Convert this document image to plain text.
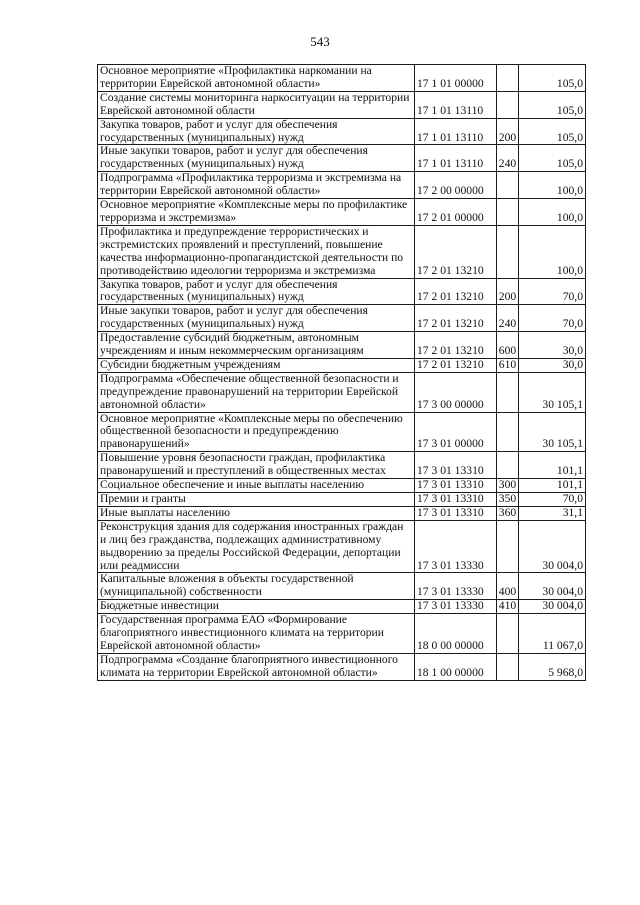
543
Основное мероприятие «Профилактика наркомании на территории Еврейской автономной области»	17 1 01 00000		105,0
Создание системы мониторинга наркоситуации на территории Еврейской автономной области	17 1 01 13110		105,0
Закупка товаров, работ и услуг для обеспечения государственных (муниципальных) нужд	17 1 01 13110	200	105,0
Иные закупки товаров, работ и услуг для обеспечения государственных (муниципальных) нужд	17 1 01 13110	240	105,0
Подпрограмма «Профилактика терроризма и экстремизма на территории Еврейской автономной области»	17 2 00 00000		100,0
Основное мероприятие «Комплексные меры по профилактике терроризма и экстремизма»	17 2 01 00000		100,0
Профилактика и предупреждение террористических и экстремистских проявлений и преступлений, повышение качества информационно-пропагандистской деятельности по противодействию идеологии терроризма и экстремизма	17 2 01 13210		100,0
Закупка товаров, работ и услуг для обеспечения государственных (муниципальных) нужд	17 2 01 13210	200	70,0
Иные закупки товаров, работ и услуг для обеспечения государственных (муниципальных) нужд	17 2 01 13210	240	70,0
Предоставление субсидий бюджетным, автономным учреждениям и иным некоммерческим организациям	17 2 01 13210	600	30,0
Субсидии бюджетным учреждениям	17 2 01 13210	610	30,0
Подпрограмма «Обеспечение общественной безопасности и предупреждение правонарушений на территории Еврейской автономной области»	17 3 00 00000		30 105,1
Основное мероприятие «Комплексные меры по обеспечению общественной безопасности и предупреждению правонарушений»	17 3 01 00000		30 105,1
Повышение уровня безопасности граждан, профилактика правонарушений и преступлений в общественных местах	17 3 01 13310		101,1
Социальное обеспечение и иные выплаты населению	17 3 01 13310	300	101,1
Премии и гранты	17 3 01 13310	350	70,0
Иные выплаты населению	17 3 01 13310	360	31,1
Реконструкция здания для содержания иностранных граждан и лиц без гражданства, подлежащих административному выдворению за пределы Российской Федерации, депортации или реадмиссии	17 3 01 13330		30 004,0
Капитальные вложения в объекты государственной (муниципальной) собственности	17 3 01 13330	400	30 004,0
Бюджетные инвестиции	17 3 01 13330	410	30 004,0
Государственная программа ЕАО «Формирование благоприятного инвестиционного климата на территории Еврейской автономной области»	18 0 00 00000		11 067,0
Подпрограмма «Создание благоприятного инвестиционного климата на территории Еврейской автономной области»	18 1 00 00000		5 968,0
